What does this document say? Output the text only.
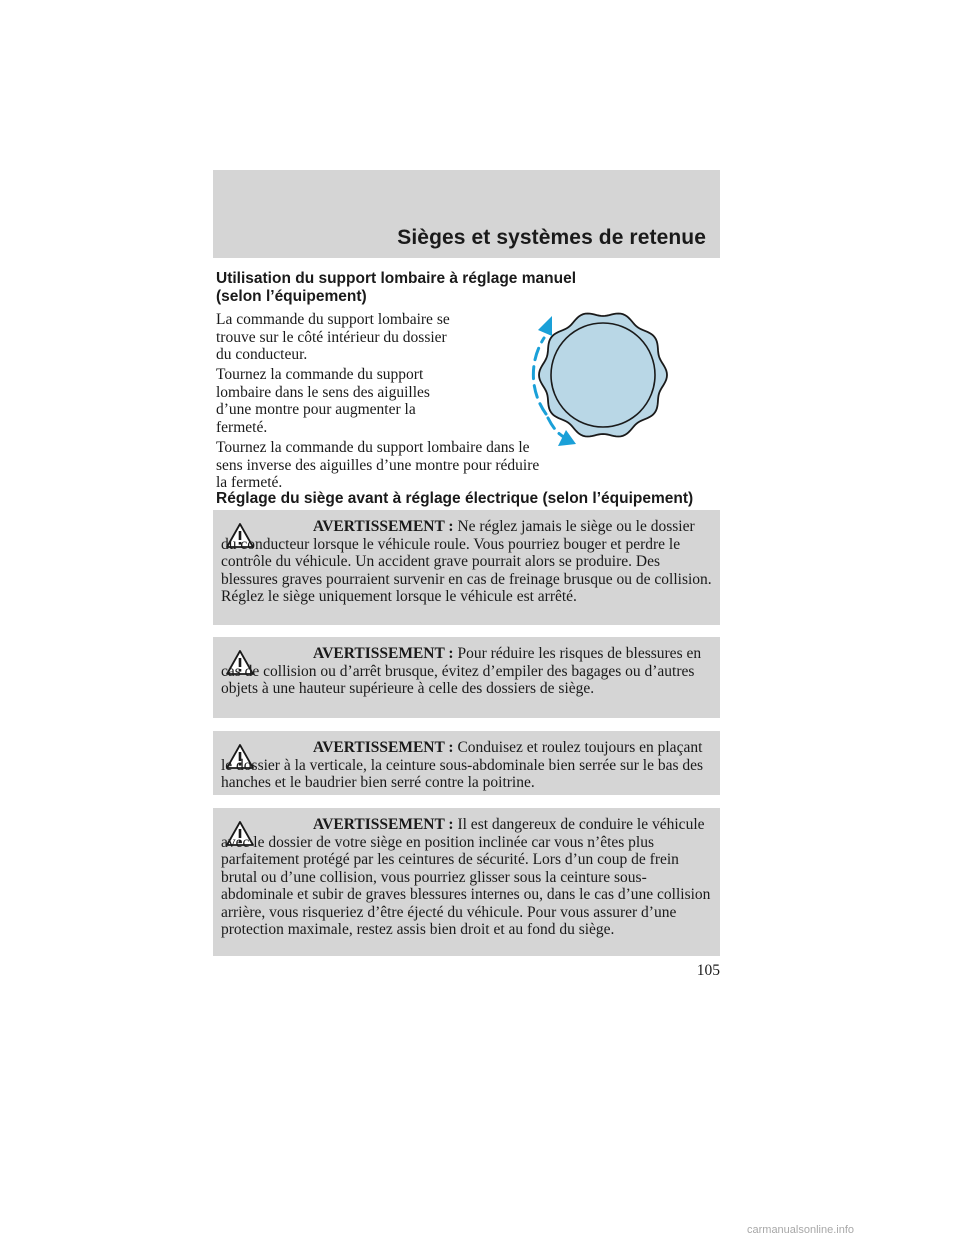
Sièges et systèmes de retenue

Utilisation du support lombaire à réglage manuel

(selon l’équipement)

La commande du support lombaire se trouve sur le côté intérieur du dossier du conducteur.

Tournez la commande du support lombaire dans le sens des aiguilles d’une montre pour augmenter la fermeté.

Tournez la commande du support lombaire dans le sens inverse des aiguilles d’une montre pour réduire la fermeté.

Réglage du siège avant à réglage électrique (selon l’équipement)

AVERTISSEMENT : Ne réglez jamais le siège ou le dossier du conducteur lorsque le véhicule roule. Vous pourriez bouger et perdre le contrôle du véhicule. Un accident grave pourrait alors se produire. Des blessures graves pourraient survenir en cas de freinage brusque ou de collision. Réglez le siège uniquement lorsque le véhicule est arrêté.

AVERTISSEMENT : Pour réduire les risques de blessures en cas de collision ou d’arrêt brusque, évitez d’empiler des bagages ou d’autres objets à une hauteur supérieure à celle des dossiers de siège.

AVERTISSEMENT : Conduisez et roulez toujours en plaçant le dossier à la verticale, la ceinture sous-abdominale bien serrée sur le bas des hanches et le baudrier bien serré contre la poitrine.

AVERTISSEMENT : Il est dangereux de conduire le véhicule avec le dossier de votre siège en position inclinée car vous n’êtes plus parfaitement protégé par les ceintures de sécurité. Lors d’un coup de frein brutal ou d’une collision, vous pourriez glisser sous la ceinture sous-abdominale et subir de graves blessures internes ou, dans le cas d’une collision arrière, vous risqueriez d’être éjecté du véhicule. Pour vous assurer d’une protection maximale, restez assis bien droit et au fond du siège.

105
carmanualsonline.info
